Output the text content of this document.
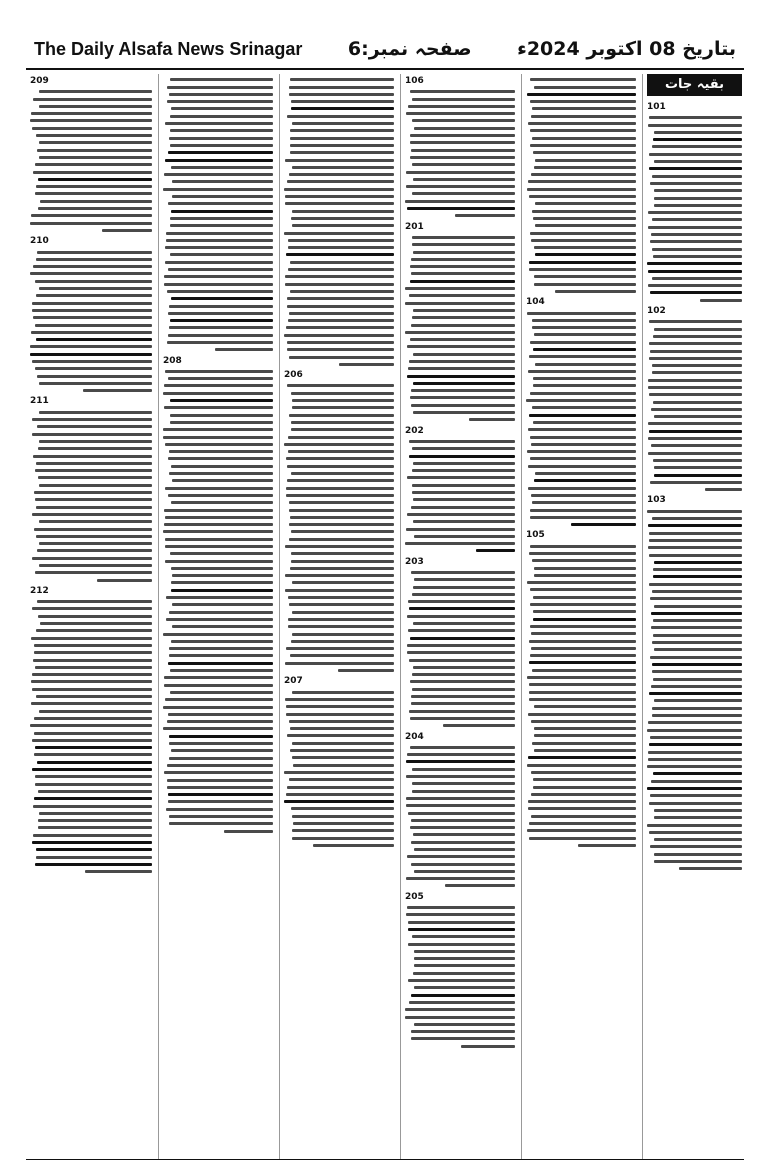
The Daily Alsafa News Srinagar صفحہ نمبر:6 بتاریخ 08 اکتوبر 2024ء
بقیہ جات
101
102
103
104
105
106
201
202
203
204
205
206
207
208
209
210
211
212
